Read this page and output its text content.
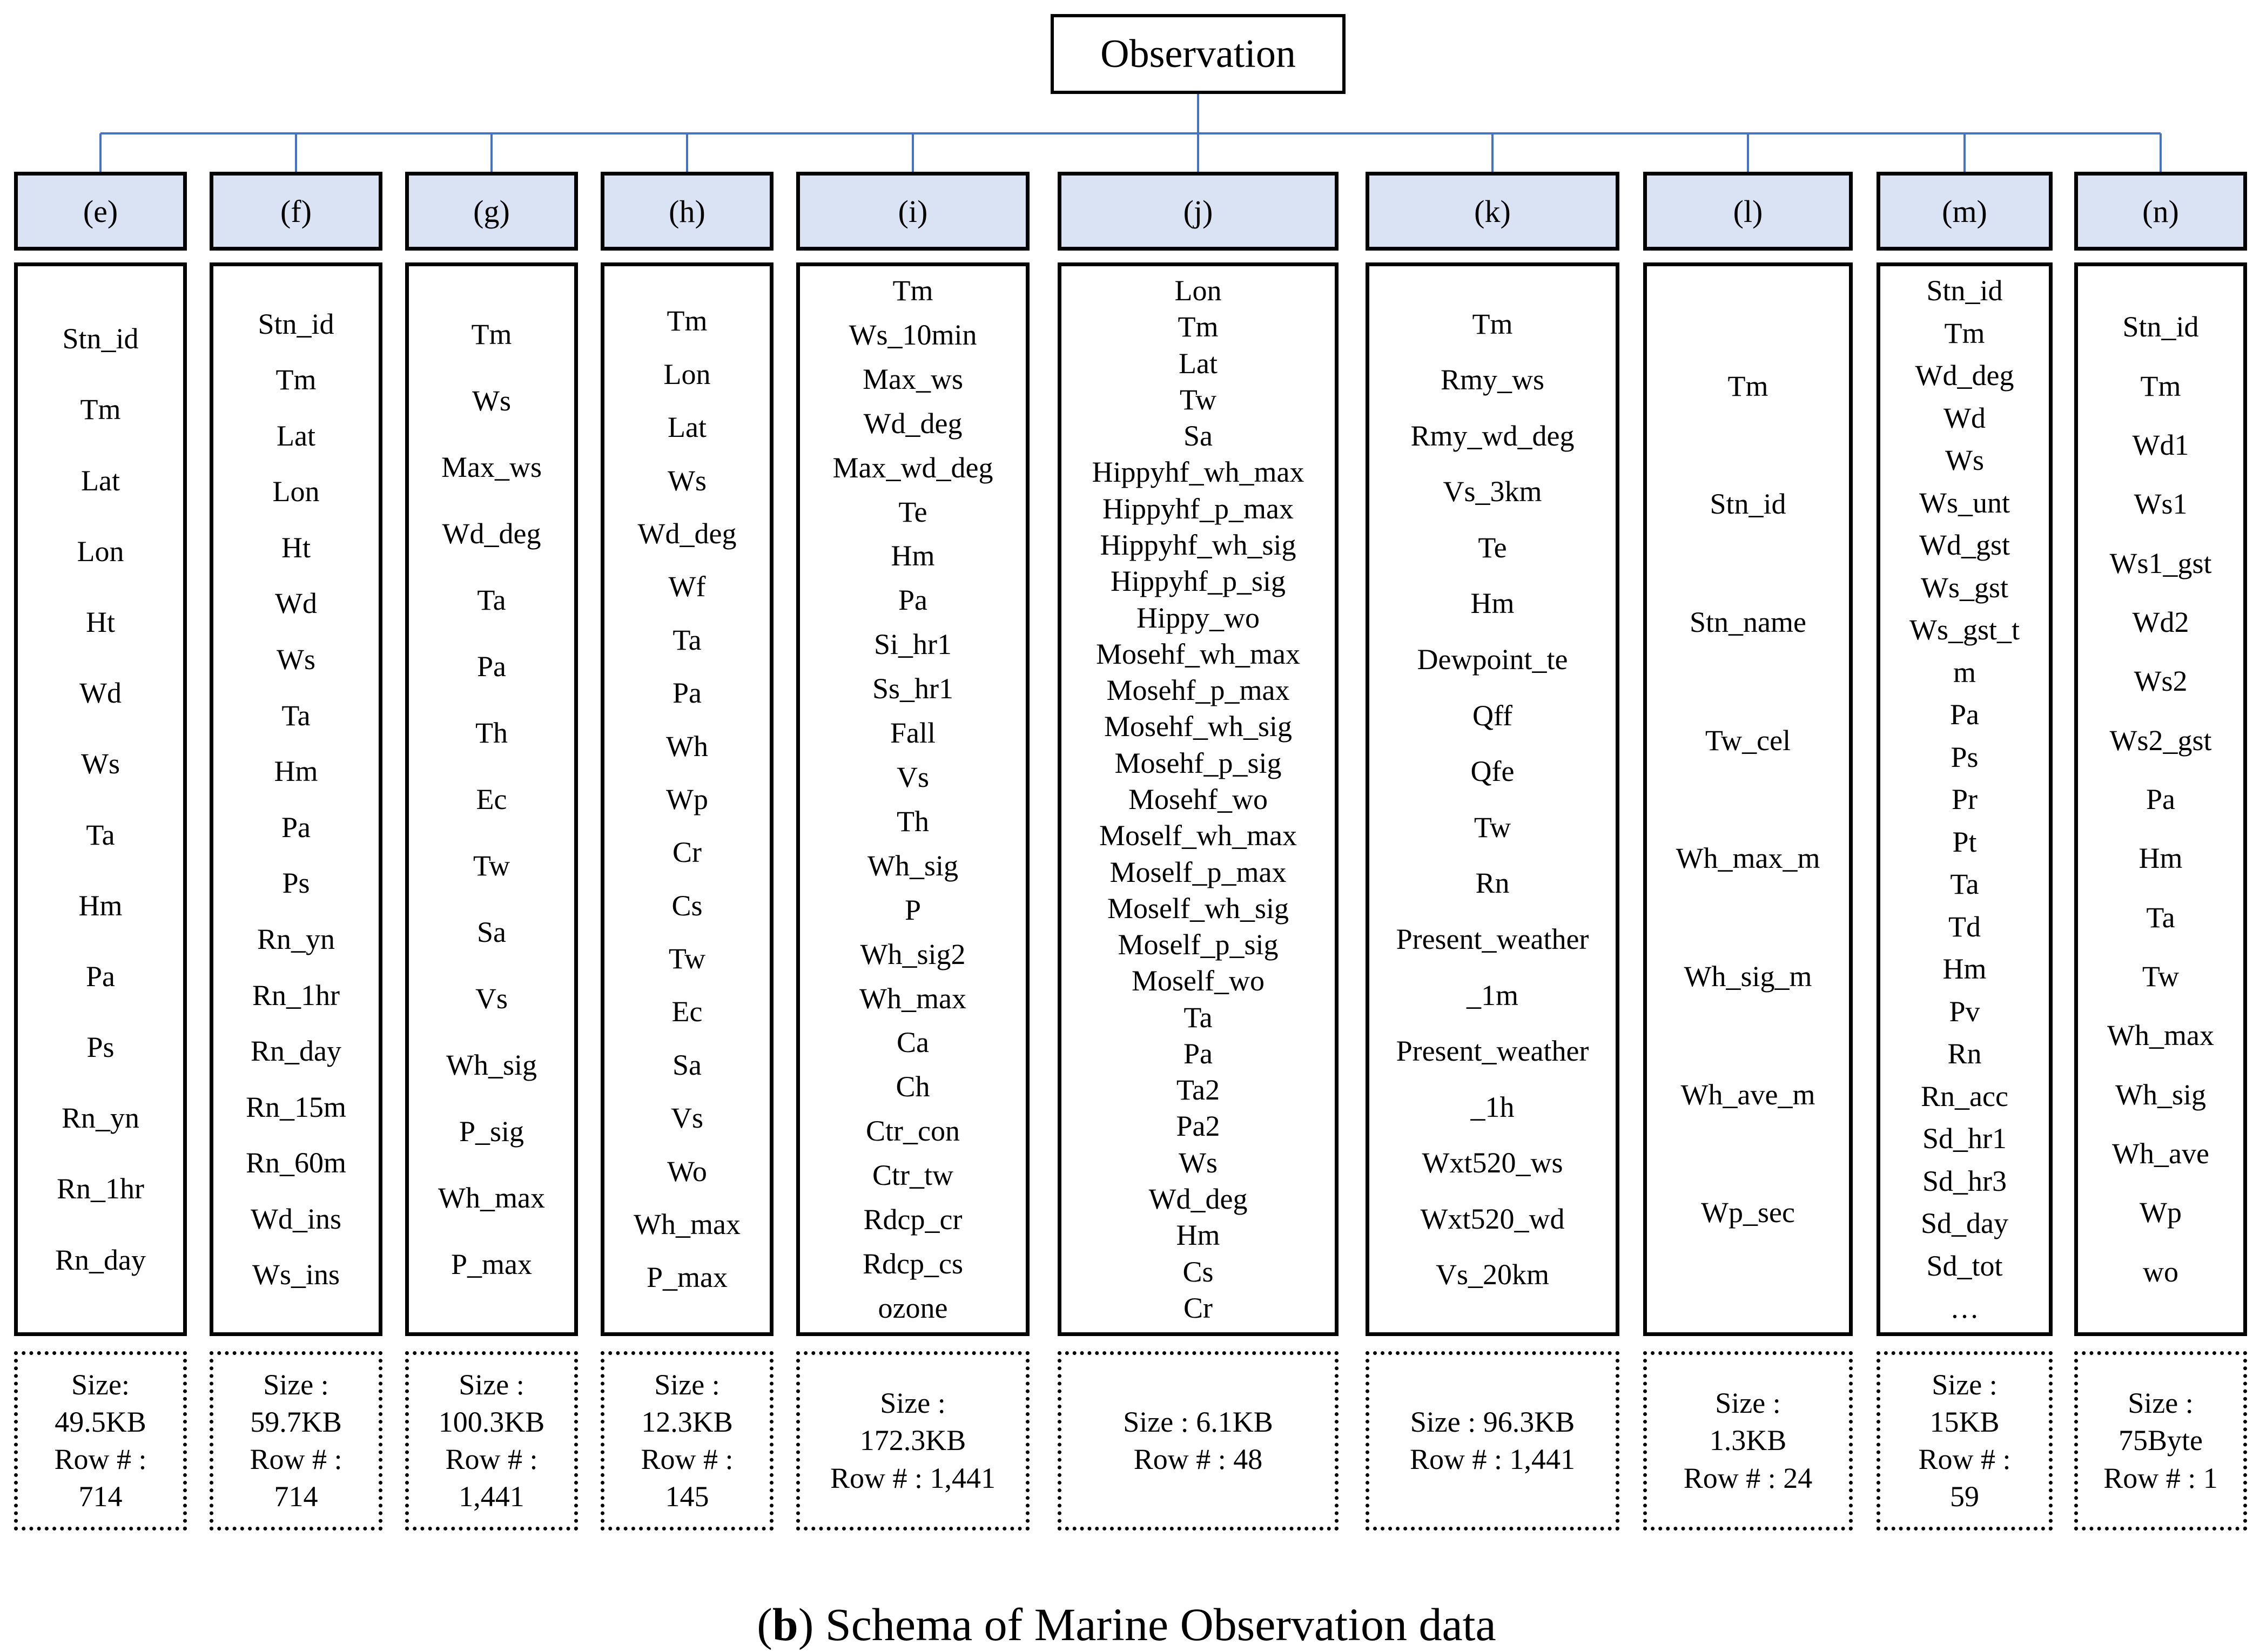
Observation
(e)
Stn_id
Tm
Lat
Lon
Ht
Wd
Ws
Ta
Hm
Pa
Ps
Rn_yn
Rn_1hr
Rn_day
Size:
49.5KB
Row # :
714
(f)
Stn_id
Tm
Lat
Lon
Ht
Wd
Ws
Ta
Hm
Pa
Ps
Rn_yn
Rn_1hr
Rn_day
Rn_15m
Rn_60m
Wd_ins
Ws_ins
Size :
59.7KB
Row # :
714
(g)
Tm
Ws
Max_ws
Wd_deg
Ta
Pa
Th
Ec
Tw
Sa
Vs
Wh_sig
P_sig
Wh_max
P_max
Size :
100.3KB
Row # :
1,441
(h)
Tm
Lon
Lat
Ws
Wd_deg
Wf
Ta
Pa
Wh
Wp
Cr
Cs
Tw
Ec
Sa
Vs
Wo
Wh_max
P_max
Size :
12.3KB
Row # :
145
(i)
Tm
Ws_10min
Max_ws
Wd_deg
Max_wd_deg
Te
Hm
Pa
Si_hr1
Ss_hr1
Fall
Vs
Th
Wh_sig
P
Wh_sig2
Wh_max
Ca
Ch
Ctr_con
Ctr_tw
Rdcp_cr
Rdcp_cs
ozone
Size :
172.3KB
Row # : 1,441
(j)
Lon
Tm
Lat
Tw
Sa
Hippyhf_wh_max
Hippyhf_p_max
Hippyhf_wh_sig
Hippyhf_p_sig
Hippy_wo
Mosehf_wh_max
Mosehf_p_max
Mosehf_wh_sig
Mosehf_p_sig
Mosehf_wo
Moself_wh_max
Moself_p_max
Moself_wh_sig
Moself_p_sig
Moself_wo
Ta
Pa
Ta2
Pa2
Ws
Wd_deg
Hm
Cs
Cr
Size : 6.1KB
Row # : 48
(k)
Tm
Rmy_ws
Rmy_wd_deg
Vs_3km
Te
Hm
Dewpoint_te
Qff
Qfe
Tw
Rn
Present_weather
_1m
Present_weather
_1h
Wxt520_ws
Wxt520_wd
Vs_20km
Size : 96.3KB
Row # : 1,441
(l)
Tm
Stn_id
Stn_name
Tw_cel
Wh_max_m
Wh_sig_m
Wh_ave_m
Wp_sec
Size :
1.3KB
Row # : 24
(m)
Stn_id
Tm
Wd_deg
Wd
Ws
Ws_unt
Wd_gst
Ws_gst
Ws_gst_t
m
Pa
Ps
Pr
Pt
Ta
Td
Hm
Pv
Rn
Rn_acc
Sd_hr1
Sd_hr3
Sd_day
Sd_tot
…
Size :
15KB
Row # :
59
(n)
Stn_id
Tm
Wd1
Ws1
Ws1_gst
Wd2
Ws2
Ws2_gst
Pa
Hm
Ta
Tw
Wh_max
Wh_sig
Wh_ave
Wp
wo
Size :
75Byte
Row # : 1
(b) Schema of Marine Observation data
